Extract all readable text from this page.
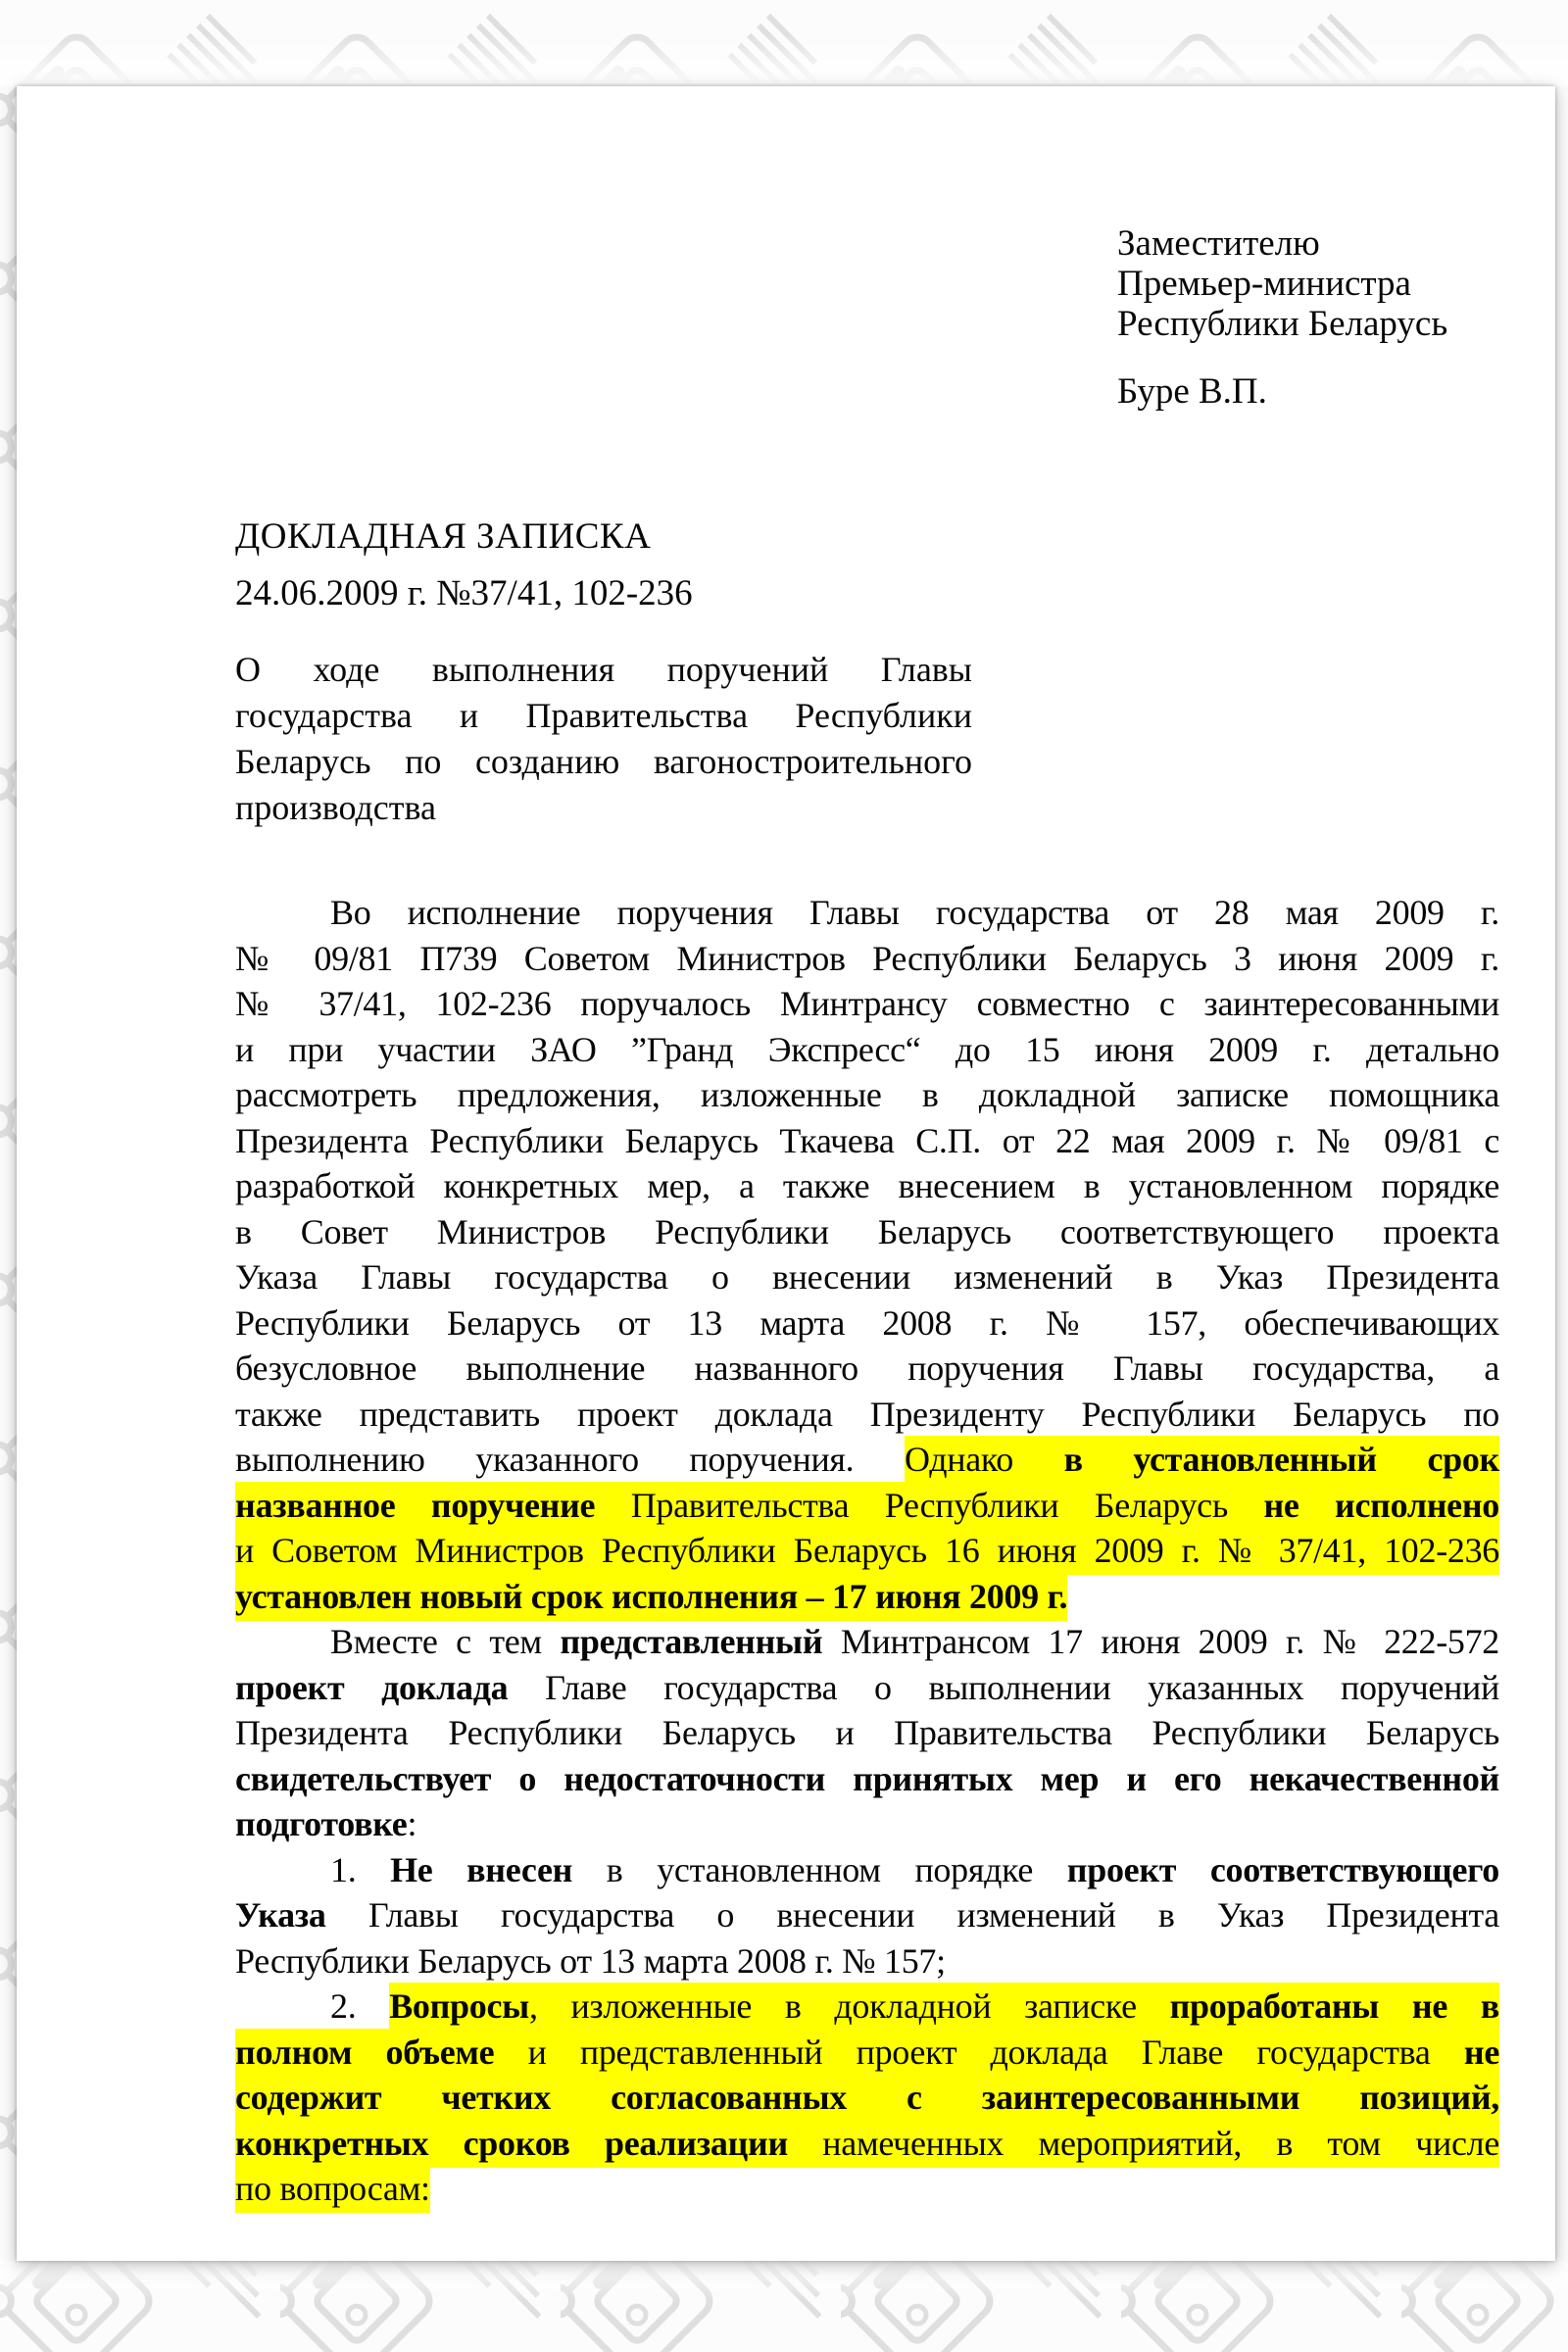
Заместителю
Премьер-министра
Республики Беларусь
Буре В.П.
ДОКЛАДНАЯ ЗАПИСКА
24.06.2009 г. №37/41, 102-236
О ходе выполнения поручений Главы
государства и Правительства Республики
Беларусь по созданию вагоностроительного
производства
Во исполнение поручения Главы государства от 28 мая 2009 г.
№ 09/81 П739 Советом Министров Республики Беларусь 3 июня 2009 г.
№ 37/41, 102-236 поручалось Минтрансу совместно с заинтересованными
и при участии ЗАО ”Гранд Экспресс“ до 15 июня 2009 г. детально
рассмотреть предложения, изложенные в докладной записке помощника
Президента Республики Беларусь Ткачева С.П. от 22 мая 2009 г. № 09/81 с
разработкой конкретных мер, а также внесением в установленном порядке
в Совет Министров Республики Беларусь соответствующего проекта
Указа Главы государства о внесении изменений в Указ Президента
Республики Беларусь от 13 марта 2008 г. № 157, обеспечивающих
безусловное выполнение названного поручения Главы государства, а
также представить проект доклада Президенту Республики Беларусь по
выполнению указанного поручения. Однако в установленный срок
названное поручение Правительства Республики Беларусь не исполнено
и Советом Министров Республики Беларусь 16 июня 2009 г. № 37/41, 102-236
установлен новый срок исполнения – 17 июня 2009 г.
Вместе с тем представленный Минтрансом 17 июня 2009 г. № 222-572
проект доклада Главе государства о выполнении указанных поручений
Президента Республики Беларусь и Правительства Республики Беларусь
свидетельствует о недостаточности принятых мер и его некачественной
подготовке:
1. Не внесен в установленном порядке проект соответствующего
Указа Главы государства о внесении изменений в Указ Президента
Республики Беларусь от 13 марта 2008 г. № 157;
2. Вопросы, изложенные в докладной записке проработаны не в
полном объеме и представленный проект доклада Главе государства не
содержит четких согласованных с заинтересованными позиций,
конкретных сроков реализации намеченных мероприятий, в том числе
по вопросам:
